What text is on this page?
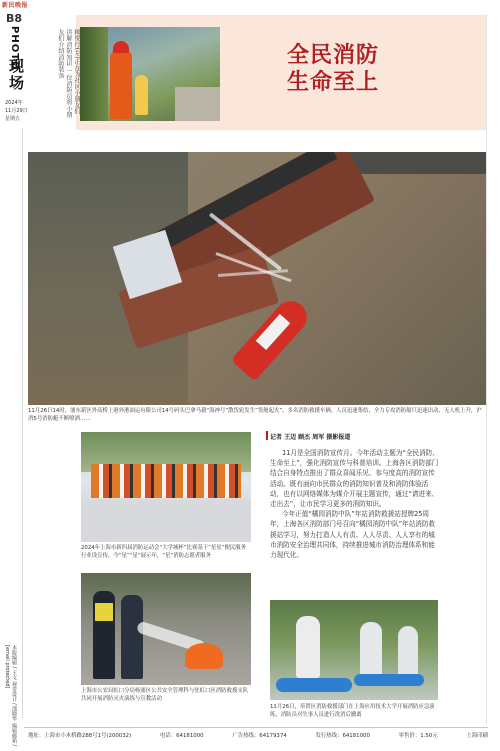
新民晚报
B8
PHOTO
现场
2024年
11月29日
星期五
本版编辑 / 王文 视觉设计 / 邵晓华 编辑邮箱 / [email protected]
顾悦行(左)正在为社区小朋友们讲解消防知识 一位消防员将小朋友们介绍消防装备	全民消防
生命至上
11月26日14时，浦东新区外高桥上港外港油运有限公司14号码头巴拿马籍“海神号”散货轮发生“货舱起火”，多名消防救援车辆、人员迅速集结，全力专攻消防船只迅速出动，无人机上升，沪消5号消防艇不断喷洒……
2024年上海市新四届消防运动会“大学城杯”比赛基于“星星”便民服务行业设宣传，今“星”“星”展示年，“星”消防志愿者服务
上海市公安局虹口分局杨浦区公共安全管理科与驻虹口区消防救援支队共同开展消防灭火演练与宣教活动
记者 王迈 顾杰 周军 摄影报道

11月是全国消防宣传月。今年活动主题为“全民消防、生命至上”，强化消防宣传与科普培训。上海各区消防部门结合自身特点推出了群众喜闻乐见、参与度高的消防宣传活动。既有面向市民群众的消防知识普及和消防体验活动，也有以网络媒体为媒介开展主题宣传，通过“请进来、走出去”，让市民学习更多的消防知识。

今年正值“橘园消防中队”年站消防救援站授牌25周年，上海各区消防部门号召向“橘园消防中队”年站消防救援站学习，努力打造人人有责、人人尽责、人人享有的城市消防安全治理共同体，持续推进城市消防治理体系和能力现代化。

11月26日，奉贤区消防救援部门在上海应用技术大学开展消防应急演练，消防员对失事人员进行洗消后撤离
地址：上海市小木桥路288号1号(200032)	电话：64181000	广告热线：64179374	发行热线：64181000	零售价：1.50元	上海印刷
